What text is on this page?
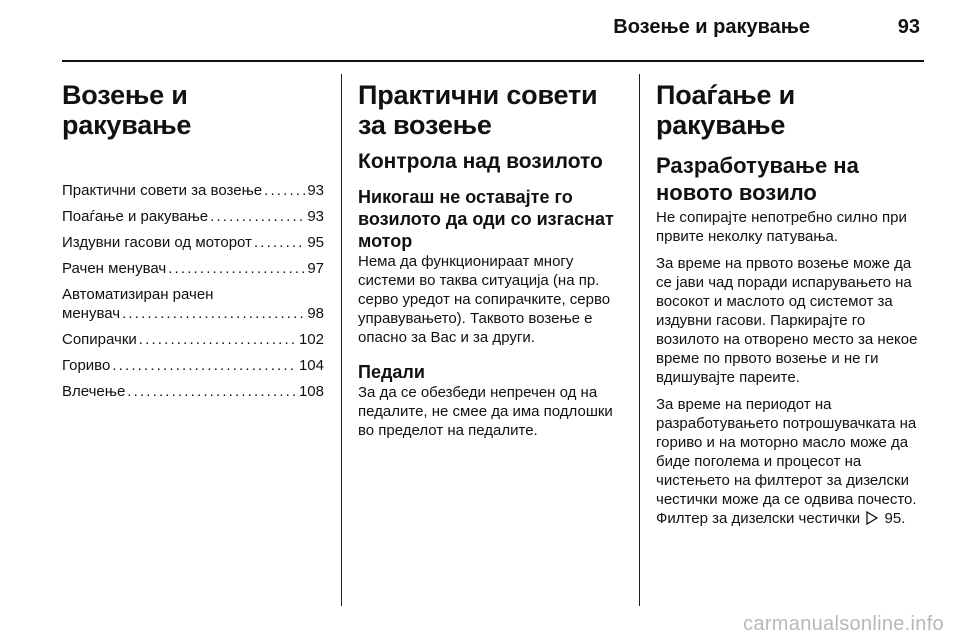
Возење и ракување	93
Возење и ракување
Практични совети за возење . . .	93
Поаѓање и ракување . . .	93
Издувни гасови од моторот . . .	95
Рачен менувач . . .	97
Автоматизиран рачен
менувач . . .	98
Сопирачки . . .	102
Гориво . . .	104
Влечење . . .	108
Практични совети за возење
Контрола над возилото
Никогаш не оставајте го возилото да оди со изгаснат мотор

Нема да функционираат многу системи во таква ситуација (на пр. серво уредот на сопирачките, серво управувањето). Таквото возење е опасно за Вас и за други.

Педали

За да се обезбеди непречен од на педалите, не смее да има подлошки во пределот на педалите.

Поаѓање и ракување
Разработување на новото возило

Не сопирајте непотребно силно при првите неколку патувања.

За време на првото возење може да се јави чад поради испарувањето на восокот и маслото од системот за издувни гасови. Паркирајте го возилото на отворено место за некое време по првото возење и не ги вдишувајте пареите.

За време на периодот на разработувањето потрошувачката на гориво и на моторно масло може да биде поголема и процесот на чистењето на филтерот за дизелски честички може да се одвива почесто. Филтер за дизелски честички 95.

carmanualsonline.info
